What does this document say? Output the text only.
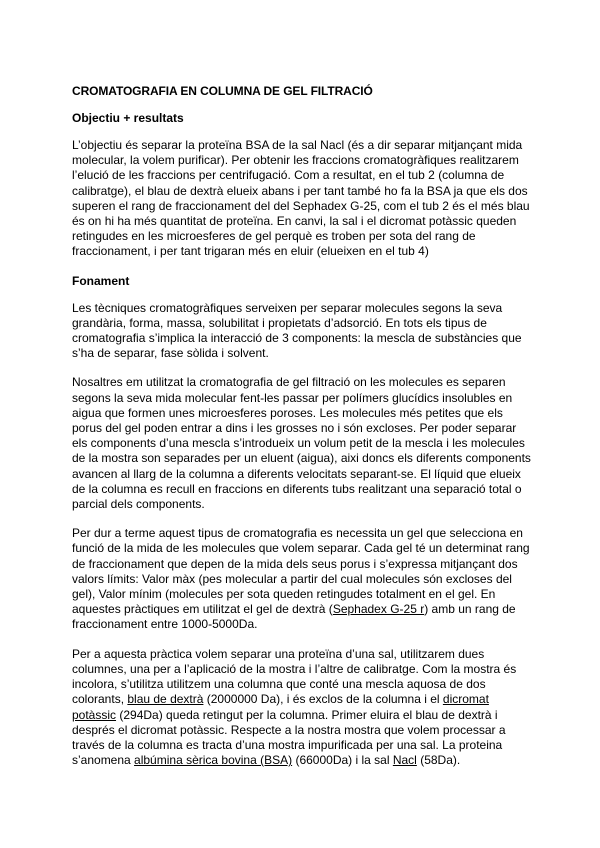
CROMATOGRAFIA EN COLUMNA DE GEL FILTRACIÓ
Objectiu + resultats

L’objectiu és separar la proteïna BSA de la sal Nacl (és a dir separar mitjançant mida molecular, la volem purificar). Per obtenir les fraccions cromatogràfiques realitzarem l’elució de les fraccions per centrifugació. Com a resultat, en el tub 2 (columna de calibratge), el blau de dextrà elueix abans i per tant també ho fa la BSA ja que els dos superen el rang de fraccionament del del Sephadex G-25, com el tub 2 és el més blau és on hi ha més quantitat de proteïna. En canvi, la sal i el dicromat potàssic queden retingudes en les microesferes de gel perquè es troben per sota del rang de fraccionament, i per tant trigaran més en eluir (elueixen en el tub 4)

Fonament

Les tècniques cromatogràfiques serveixen per separar molecules segons la seva grandària, forma, massa, solubilitat i propietats d’adsorció. En tots els tipus de cromatografia s’implica la interacció de 3 components: la mescla de substàncies que s’ha de separar, fase sòlida i solvent.

Nosaltres em utilitzat la cromatografia de gel filtració on les molecules es separen segons la seva mida molecular fent-les passar per polímers glucídics insolubles en aigua que formen unes microesferes poroses. Les molecules més petites que els porus del gel poden entrar a dins i les grosses no i són excloses. Per poder separar els components d’una mescla s’introdueix un volum petit de la mescla i les molecules de la mostra son separades per un eluent (aigua), aixi doncs els diferents components avancen al llarg de la columna a diferents velocitats separant-se. El líquid que elueix de la columna es recull en fraccions en diferents tubs realitzant una separació total o parcial dels components.

Per dur a terme aquest tipus de cromatografia es necessita un gel que selecciona en funció de la mida de les molecules que volem separar. Cada gel té un determinat rang de fraccionament que depen de la mida dels seus porus i s’expressa mitjançant dos valors límits: Valor màx (pes molecular a partir del cual molecules són excloses del gel), Valor mínim (molecules per sota queden retingudes totalment en el gel. En aquestes pràctiques em utilitzat el gel de dextrà (Sephadex G-25 r) amb un rang de fraccionament entre 1000-5000Da.

Per a aquesta pràctica volem separar una proteïna d’una sal, utilitzarem dues columnes, una per a l’aplicació de la mostra i l’altre de calibratge. Com la mostra és incolora, s’utilitza utilitzem una columna que conté una mescla aquosa de dos colorants, blau de dextrà (2000000 Da), i és exclos de la columna i el dicromat potàssic (294Da) queda retingut per la columna. Primer eluira el blau de dextrà i després el dicromat potàssic. Respecte a la nostra mostra que volem processar a través de la columna es tracta d’una mostra impurificada per una sal. La proteina s’anomena albúmina sèrica bovina (BSA) (66000Da) i la sal Nacl (58Da).
